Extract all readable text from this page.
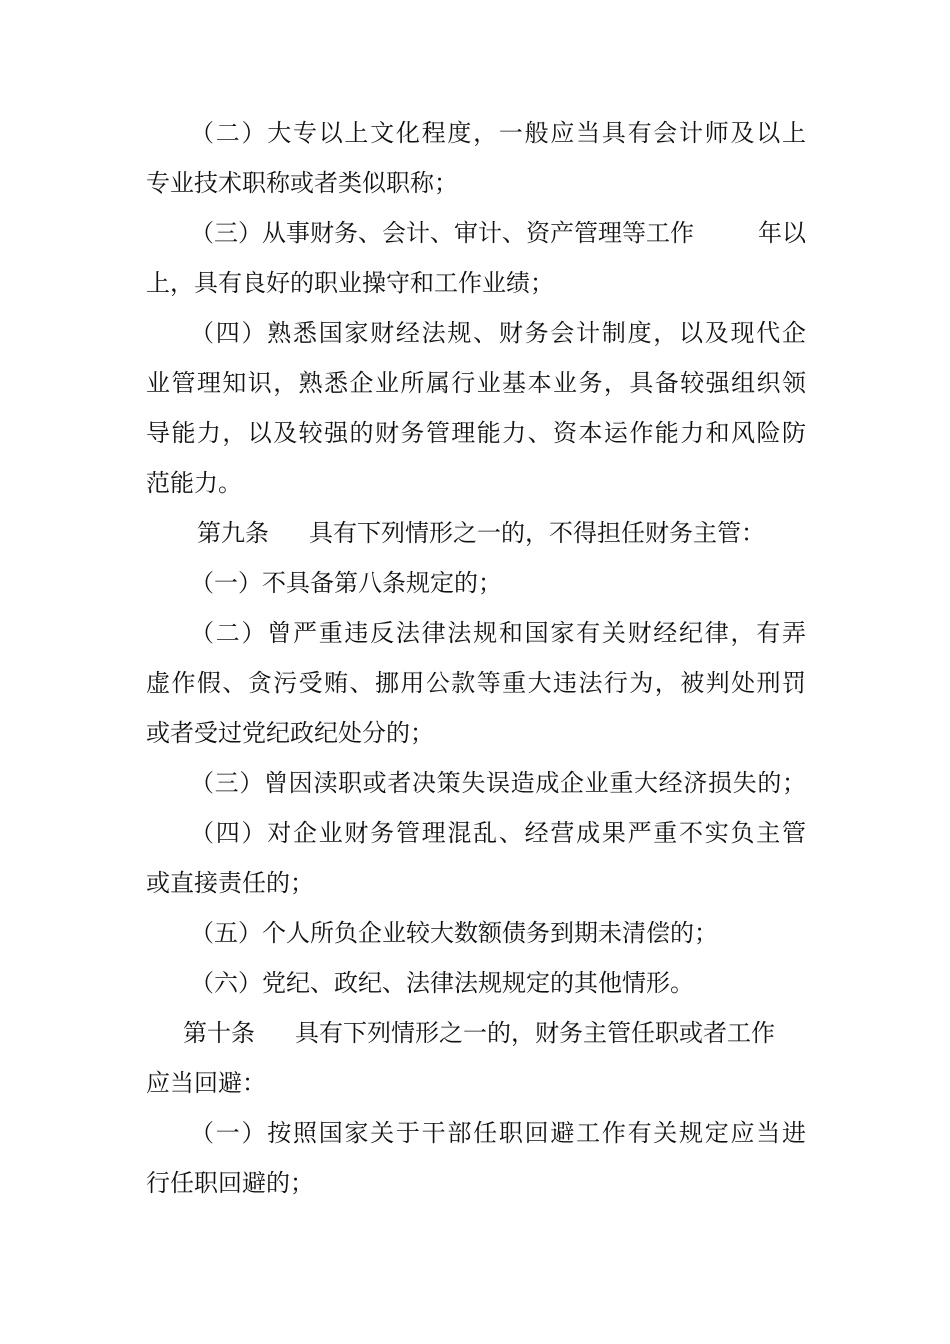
（二）大专以上文化程度，一般应当具有会计师及以上
专业技术职称或者类似职称；
（三）从事财务、会计、审计、资产管理等工作	年以
上，具有良好的职业操守和工作业绩；
（四）熟悉国家财经法规、财务会计制度，以及现代企
业管理知识，熟悉企业所属行业基本业务，具备较强组织领
导能力，以及较强的财务管理能力、资本运作能力和风险防
范能力。
第九条 具有下列情形之一的，不得担任财务主管：
（一）不具备第八条规定的；
（二）曾严重违反法律法规和国家有关财经纪律，有弄
虚作假、贪污受贿、挪用公款等重大违法行为，被判处刑罚
或者受过党纪政纪处分的；
（三）曾因渎职或者决策失误造成企业重大经济损失的；
（四）对企业财务管理混乱、经营成果严重不实负主管
或直接责任的；
（五）个人所负企业较大数额债务到期未清偿的；
（六）党纪、政纪、法律法规规定的其他情形。
第十条 具有下列情形之一的，财务主管任职或者工作
应当回避：
（一）按照国家关于干部任职回避工作有关规定应当进
行任职回避的；
